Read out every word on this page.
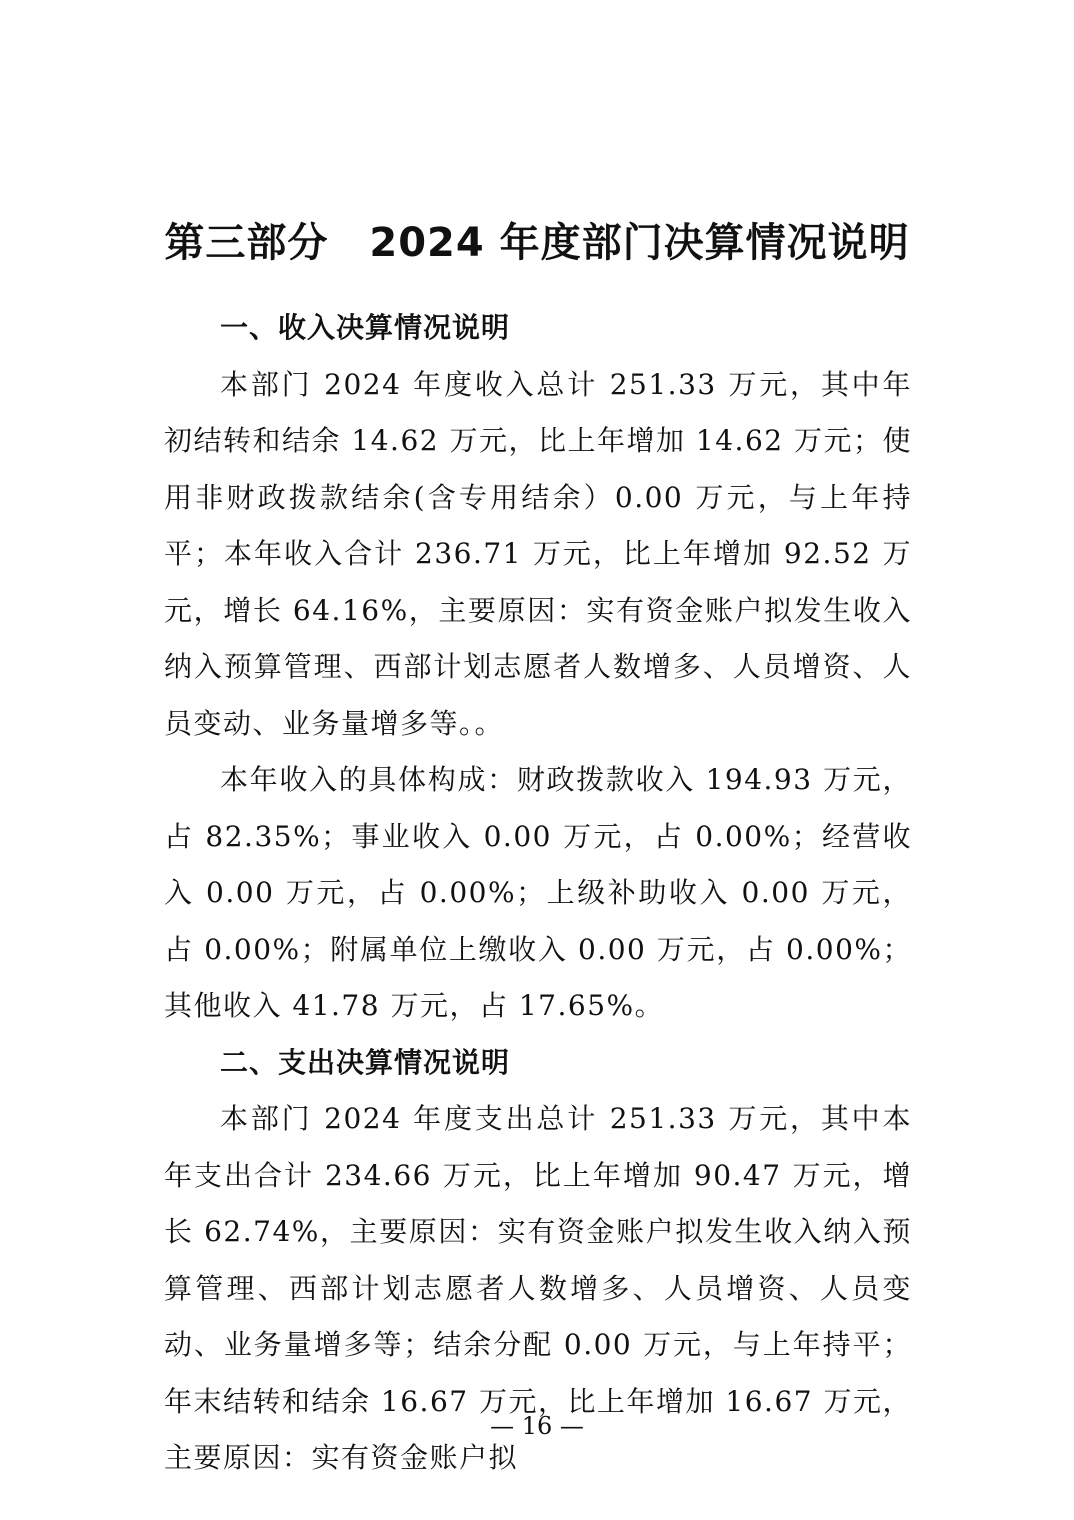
第三部分　2024 年度部门决算情况说明

一、收入决算情况说明

本部门 2024 年度收入总计 251.33 万元，其中年初结转和结余 14.62 万元，比上年增加 14.62 万元；使用非财政拨款结余(含专用结余）0.00 万元，与上年持平；本年收入合计 236.71 万元，比上年增加 92.52 万元，增长 64.16%，主要原因：实有资金账户拟发生收入纳入预算管理、西部计划志愿者人数增多、人员增资、人员变动、业务量增多等。。

本年收入的具体构成：财政拨款收入 194.93 万元，占 82.35%；事业收入 0.00 万元，占 0.00%；经营收入 0.00 万元，占 0.00%；上级补助收入 0.00 万元，占 0.00%；附属单位上缴收入 0.00 万元，占 0.00%；其他收入 41.78 万元，占 17.65%。

二、支出决算情况说明

本部门 2024 年度支出总计 251.33 万元，其中本年支出合计 234.66 万元，比上年增加 90.47 万元，增长 62.74%，主要原因：实有资金账户拟发生收入纳入预算管理、西部计划志愿者人数增多、人员增资、人员变动、业务量增多等；结余分配 0.00 万元，与上年持平；年末结转和结余 16.67 万元，比上年增加 16.67 万元，主要原因：实有资金账户拟

— 16 —
